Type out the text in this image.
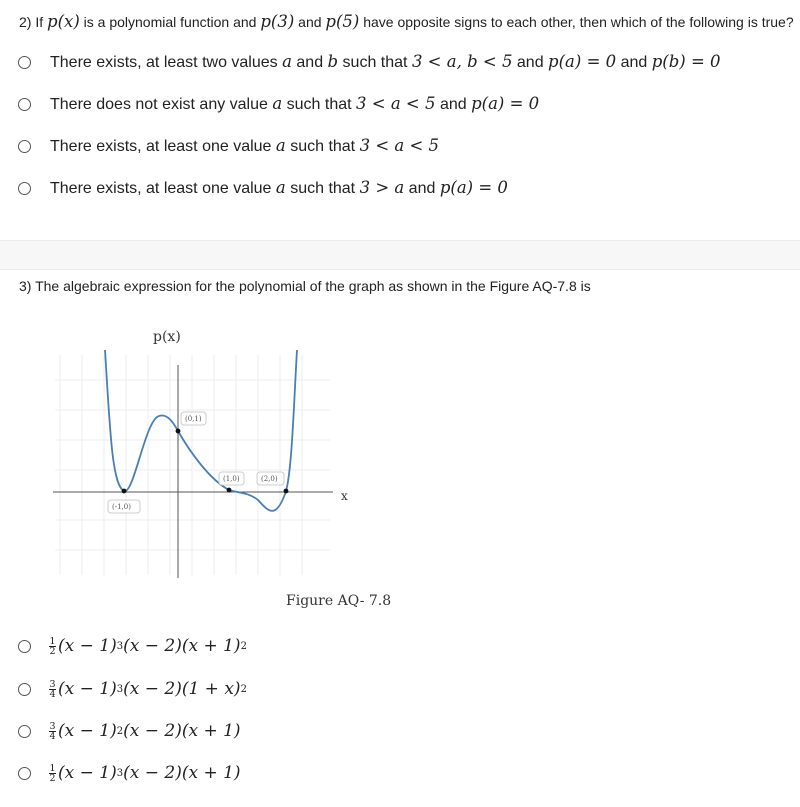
2) If p(x) is a polynomial function and p(3) and p(5) have opposite signs to each other, then which of the following is true?
There exists, at least two values a and b such that 3 < a, b < 5 and p(a) = 0 and p(b) = 0
There does not exist any value a such that 3 < a < 5 and p(a) = 0
There exists, at least one value a such that 3 < a < 5
There exists, at least one value a such that 3 > a and p(a) = 0
3) The algebraic expression for the polynomial of the graph as shown in the Figure AQ-7.8 is
p(x)
x
(-1,0)
(0,1)
(1,0)	(2,0)
Figure AQ- 7.8
$\frac{1}{2} (x - 1)$ 3 (x − 2)(x + 1) 2
$\frac{3}{4} (x - 1)$ 3 (x − 2)(1 + x) 2
$\frac{3}{4} (x - 1)$ 2 (x − 2)(x + 1)
$\frac{1}{2} (x - 1)$ 3 (x − 2)(x + 1)
